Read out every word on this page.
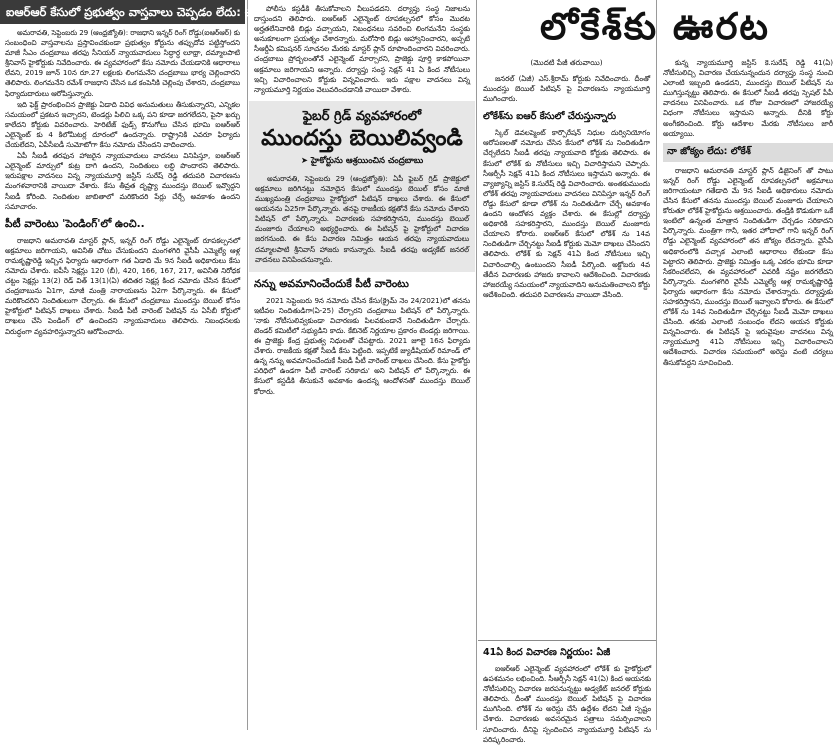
ఐఆర్ఆర్ కేసులో ప్రభుత్వం వాస్తవాలు చెప్పడం లేదు: చంద్రబాబు

అమరావతి, సెప్టెంబరు 29 (ఆంధ్రజ్యోతి): రాజధాని ఇన్నర్ రింగ్ రోడ్డు(ఐఆర్ఆర్) కు సంబంధించి వాస్తవాలను ప్రస్తావించకుండా ప్రభుత్వం కోర్టును తప్పుదోవ పట్టిస్తోందని మాజీ సీఎం చంద్రబాబు తరఫు సీనియర్ న్యాయవాదులు సిద్ధార్థ లూథ్రా, దమ్మాలపాటి శ్రీనివాస్ హైకోర్టుకు నివేదించారు. ఈ వ్యవహారంలో కేసు నమోదు చేయడానికి ఆధారాలు లేవని, 2019 జూన్ 10న రూ.27 లక్షలకు లింగమనేని చంద్రబాబు భార్య చెల్లించారని తెలిపారు. లింగమనేని రమేశ్ రాజధాని చేసిన ఒక కంపెనీకి చెల్లింపు చేశారని, చంద్రబాబు ఫిర్యాదుదారులు ఆరోపిస్తున్నారు.

ఇది ఫెక్ట్ ప్రారంభించిన ప్రాజెక్టు ఏడాది వివిధ అనుమతులు తీసుకున్నారని, ఎన్నికల సమయంలో ప్రకటన ఇచ్చారని, టెండర్లు పిలిచి ఒక్క పని కూడా జరగలేదని, పైసా ఖర్చు కాలేదని కోర్టుకు వివరించారు. హెరిటేజ్ ఫుడ్స్ కొనుగోలు చేసిన భూమి ఐఆర్ఆర్ ఎలైన్మెంట్ కు 4 కిలోమీటర్ల దూరంలో ఉందన్నారు. రాష్ట్రానికి ఎవరూ ఫిర్యాదు చేయలేదని, ఏపీసీఐడీ సుమోటోగా కేసు నమోదు చేసిందని వాదించారు.

ఏపీ సీఐడీ తరఫున హాజరైన న్యాయవాదులు వాదనలు వినిపిస్తూ, ఐఆర్ఆర్ ఎలైన్మెంట్ మార్పులో కుట్ర దాగి ఉందని, నిందితులు లబ్ధి పొందారని తెలిపారు. ఇరుపక్షాల వాదనలు విన్న న్యాయమూర్తి జస్టిస్ సురేష్ రెడ్డి తదుపరి విచారణను మంగళవారానికి వాయిదా వేశారు. కేసు తీవ్రత దృష్ట్యా ముందస్తు బెయిల్ ఇవ్వొద్దని సీఐడీ కోరింది. నిందితుల జాబితాలో మరికొందరి పేర్లు చేర్చే అవకాశం ఉందని సమాచారం.

పీటీ వారెంటు 'పెండింగ్'లో ఉంచి..

రాజధాని అమరావతి మాస్టర్ ప్లాన్, ఇన్నర్ రింగ్ రోడ్డు ఎలైన్మెంట్ రూపకల్పనలో అక్రమాలు జరిగాయని, అవినీతి చోటు చేసుకుందని మంగళగిరి వైసీపీ ఎమ్మెల్యే ఆళ్ల రామకృష్ణారెడ్డి ఇచ్చిన ఫిర్యాదు ఆధారంగా గత ఏడాది మే 9న సీఐడీ అధికారులు కేసు నమోదు చేశారు. ఐపీసీ సెక్షన్లు 120 (బీ), 420, 166, 167, 217, అవినీతి నిరోధక చట్టం సెక్షన్లు 13(2) రెడ్ విత్ 13(1)(ఏ) తదితర సెక్షన్ల కింద నమోదు చేసిన కేసులో చంద్రబాబును ఏ1గా, మాజీ మంత్రి నారాయణను ఏ2గా పేర్కొన్నారు. ఈ కేసులో మరికొందరిని నిందితులుగా చేర్చారు. ఈ కేసులో చంద్రబాబు ముందస్తు బెయిల్ కోసం హైకోర్టులో పిటిషన్ దాఖలు చేశారు. సీఐడీ పీటీ వారెంట్ పిటిషన్ ను ఏసీబీ కోర్టులో దాఖలు చేసి పెండింగ్ లో ఉంచిందని న్యాయవాదులు తెలిపారు. నిబంధనలకు విరుద్ధంగా వ్యవహరిస్తున్నారని ఆరోపించారు.

పోలీసు కస్టడీకి తీసుకోవాలని వీలుపడదని. దర్యాప్తు సంస్థ నిజాలను దాస్తుందని తెలిపారు. ఐఆర్ఆర్ ఎలైన్మెంట్ రూపకల్పనలో కోసం మొదట అర్హతలేనివారికి బిడ్లు వచ్చాయని, నిబంధనలు సవరించి లింగమనేని సంస్థకు అనుకూలంగా ప్రయత్నం చేశారన్నారు. మరోసారి బిడ్లు ఆహ్వానించారని, అప్పటి సీఆర్డీఏ కమిషనర్ సూచనల మేరకు మాస్టర్ ప్లాన్ రూపొందించారని వివరించారు. చంద్రబాబు ప్రోద్బలంతోనే ఎలైన్మెంట్ మార్చారని, ప్రాజెక్టు పూర్తి కాకపోయినా అక్రమాలు జరిగాయని అన్నారు. దర్యాప్తు సంస్థ సెక్షన్ 41 ఏ కింద నోటీసులు ఇచ్చి విచారించాలని కోర్టుకు విన్నవించారు. ఇరు పక్షాల వాదనలు విన్న న్యాయమూర్తి నిర్ణయం వెలువరించడానికి వాయిదా వేశారు.

ఫైబర్ గ్రిడ్ వ్యవహారంలో
ముందస్తు బెయిలివ్వండి
➤ హైకోర్టును ఆశ్రయించిన చంద్రబాబు

అమరావతి, సెప్టెంబరు 29 (ఆంధ్రజ్యోతి): ఏపీ ఫైబర్ గ్రిడ్ ప్రాజెక్టులో అక్రమాలు జరిగినట్టు నమోదైన కేసులో ముందస్తు బెయిల్ కోసం మాజీ ముఖ్యమంత్రి చంద్రబాబు హైకోర్టులో పిటిషన్ దాఖలు చేశారు. ఈ కేసులో ఆయనను ఏ25గా పేర్కొన్నారు. తనపై రాజకీయ కక్షతోనే కేసు నమోదు చేశారని పిటిషన్ లో పేర్కొన్నారు. విచారణకు సహకరిస్తానని, ముందస్తు బెయిల్ మంజూరు చేయాలని అభ్యర్థించారు. ఈ పిటిషన్ పై హైకోర్టులో విచారణ జరగనుంది. ఈ కేసు విచారణ నిమిత్తం ఆయన తరఫు న్యాయవాదులు దమ్మాలపాటి శ్రీనివాస్ హాజరు కానున్నారు. సీఐడీ తరఫు అడ్వకేట్ జనరల్ వాదనలు వినిపించనున్నారు.

నన్ను అవమానించేందుకే పీటీ వారెంటు

2021 సెప్టెంబరు 9న నమోదు చేసిన కేసు(క్రైమ్ నెం 24/2021)లో తనను ఇటీవల నిందితుడిగా(ఏ-25) చేర్చారని చంద్రబాబు పిటిషన్ లో పేర్కొన్నారు. 'నాకు నోటీసులివ్వకుండా విచారణకు పిలవకుండానే నిందితుడిగా చేర్చారు. టెండర్ కమిటీలో సభ్యుడిని కాదు. కేబినెట్ నిర్ణయాల ప్రకారం టెండర్లు జరిగాయి. ఈ ప్రాజెక్టు కేంద్ర ప్రభుత్వ నిధులతో చేపట్టారు. 2021 జూలై 16న ఫిర్యాదు చేశారు. రాజకీయ కక్షతో సీఐడీ కేసు పెట్టింది. ఇప్పటికే జ్యుడీషియల్ రిమాండ్ లో ఉన్న నన్ను అవమానించేందుకే సీఐడీ పీటీ వారెంట్ దాఖలు చేసింది. కేసు హైకోర్టు పరిధిలో ఉండగా పీటీ వారెంట్ సరికాదు' అని పిటిషన్ లో పేర్కొన్నారు. ఈ కేసులో కస్టడీకి తీసుకునే అవకాశం ఉందన్న ఆందోళనతో ముందస్తు బెయిల్ కోరారు.

లోకేశ్‌కు ఊరట
(మొదటి పేజీ తరువాయి)

జనరల్ (ఏజీ) ఎస్.శ్రీరామ్ కోర్టుకు నివేదించారు. దీంతో ముందస్తు బెయిల్ పిటిషన్ పై విచారణను న్యాయమూర్తి ముగించారు.

లోకేశ్‌ను ఐఆర్ కేసులో చేరుస్తున్నారు

స్కిల్ డెవలప్మెంట్ కార్పొరేషన్ నిధుల దుర్వినియోగం ఆరోపణలతో నమోదు చేసిన కేసులో లోకేశ్ ను నిందితుడిగా చేర్చలేదని సీఐడీ తరఫు న్యాయవాది కోర్టుకు తెలిపారు. ఈ కేసులో లోకేశ్ కు నోటీసులు ఇచ్చి విచారిస్తామని చెప్పారు. సీఆర్పీసీ సెక్షన్ 41ఏ కింద నోటీసులు ఇస్తామని అన్నారు. ఈ వ్యాజ్యాన్ని జస్టిస్ కె.సురేష్ రెడ్డి విచారించారు. అంతకుముందు లోకేశ్ తరఫు న్యాయవాదులు వాదనలు వినిపిస్తూ ఇన్నర్ రింగ్ రోడ్డు కేసులో కూడా లోకేశ్ ను నిందితుడిగా చేర్చే అవకాశం ఉందని ఆందోళన వ్యక్తం చేశారు. ఈ కేసుల్లో దర్యాప్తు అధికారికి సహకరిస్తారని, ముందస్తు బెయిల్ మంజూరు చేయాలని కోరారు. ఐఆర్ఆర్ కేసులో లోకేశ్ ను 14వ నిందితుడిగా చేర్చినట్టు సీఐడీ కోర్టుకు మెమో దాఖలు చేసిందని తెలిపారు. లోకేశ్ కు సెక్షన్ 41ఏ కింద నోటీసులు ఇచ్చి విచారించాల్సి ఉంటుందని సీఐడీ పేర్కొంది. అక్టోబరు 4వ తేదీన విచారణకు హాజరు కావాలని ఆదేశించింది. విచారణకు హాజరయ్యే సమయంలో న్యాయవాదిని అనుమతించాలని కోర్టు ఆదేశించింది. తదుపరి విచారణను వాయిదా వేసింది.

కున్న న్యాయమూర్తి జస్టిస్ కె.సురేష్ రెడ్డి 41(ఏ) నోటీసులిచ్చి విచారణ చేయనున్నందున దర్యాప్తు సంస్థ నుంచి ఎలాంటి ఇబ్బంది ఉండదని, ముందస్తు బెయిల్ పిటిషన్ ను ముగిస్తున్నట్టు తెలిపారు. ఈ కేసులో సీఐడీ తరఫు స్పెషల్ పీపీ వాదనలు వినిపించారు. ఒక రోజు విచారణలో హాజరయ్యే విధంగా నోటీసులు ఇస్తామని అన్నారు. దీనికి కోర్టు అంగీకరించింది. కోర్టు ఆదేశాల మేరకు నోటీసులు జారీ అయ్యాయి.

నా జోక్యం లేదు: లోకేశ్

రాజధాని అమరావతి మాస్టర్ ప్లాన్ డిజైనింగ్ తో పాటు ఇన్నర్ రింగ్ రోడ్డు ఎలైన్మెంట్ రూపకల్పనలో అక్రమాలు జరిగాయంటూ గతేడాది మే 9న సీఐడీ అధికారులు నమోదు చేసిన కేసులో తనను ముందస్తు బెయిల్ మంజూరు చేయాలని కోరుతూ లోకేశ్ హైకోర్టును ఆశ్రయించారు. తండ్రికి కొడుకుగా ఒకే ఇంటిలో ఉన్నంత మాత్రాన నిందితుడిగా చేర్చడం సరికాదని పేర్కొన్నారు. మంత్రిగా గానీ, ఇతర హోదాలో గానీ ఇన్నర్ రింగ్ రోడ్డు ఎలైన్మెంట్ వ్యవహారంలో తన జోక్యం లేదన్నారు. వైసీపీ అధికారంలోకి వచ్చాక ఎలాంటి ఆధారాలు లేకుండా కేసు పెట్టారని తెలిపారు. ప్రాజెక్టు నిమిత్తం ఒక్క ఎకరం భూమి కూడా సేకరించలేదని, ఈ వ్యవహారంలో ఎవరికీ నష్టం జరగలేదని పేర్కొన్నారు. మంగళగిరి వైసీపీ ఎమ్మెల్యే ఆళ్ల రామకృష్ణారెడ్డి ఫిర్యాదు ఆధారంగా కేసు నమోదు చేశారన్నారు. దర్యాప్తుకు సహకరిస్తానని, ముందస్తు బెయిల్ ఇవ్వాలని కోరారు. ఈ కేసులో లోకేశ్ ను 14వ నిందితుడిగా చేర్చినట్టు సీఐడీ మెమో దాఖలు చేసింది. తనకు ఎలాంటి సంబంధం లేదని ఆయన కోర్టుకు విన్నవించారు. ఈ పిటిషన్ పై ఇరువైపుల వాదనలు విన్న న్యాయమూర్తి 41ఏ నోటీసులు ఇచ్చి విచారించాలని ఆదేశించారు. విచారణ సమయంలో అరెస్టు వంటి చర్యలు తీసుకోవద్దని సూచించింది.

41ఏ కింద విచారణ నిర్ణయం: ఏజీ

ఐఆర్ఆర్ ఎలైన్మెంట్ వ్యవహారంలో లోకేశ్ కు హైకోర్టులో ఉపశమనం లభించింది. సీఆర్పీసీ సెక్షన్ 41(ఏ) కింద ఆయనకు నోటీసులిచ్చి విచారణ జరపనున్నట్టు అడ్వకేట్ జనరల్ కోర్టుకు తెలిపారు. దీంతో ముందస్తు బెయిల్ పిటిషన్ పై విచారణ ముగిసింది. లోకేశ్ ను అరెస్టు చేసే ఉద్దేశం లేదని ఏజీ స్పష్టం చేశారు. విచారణకు అవసరమైన పత్రాలు సమర్పించాలని సూచించారు. దీనిపై స్పందించిన న్యాయమూర్తి పిటిషన్ ను పరిష్కరించారు.
